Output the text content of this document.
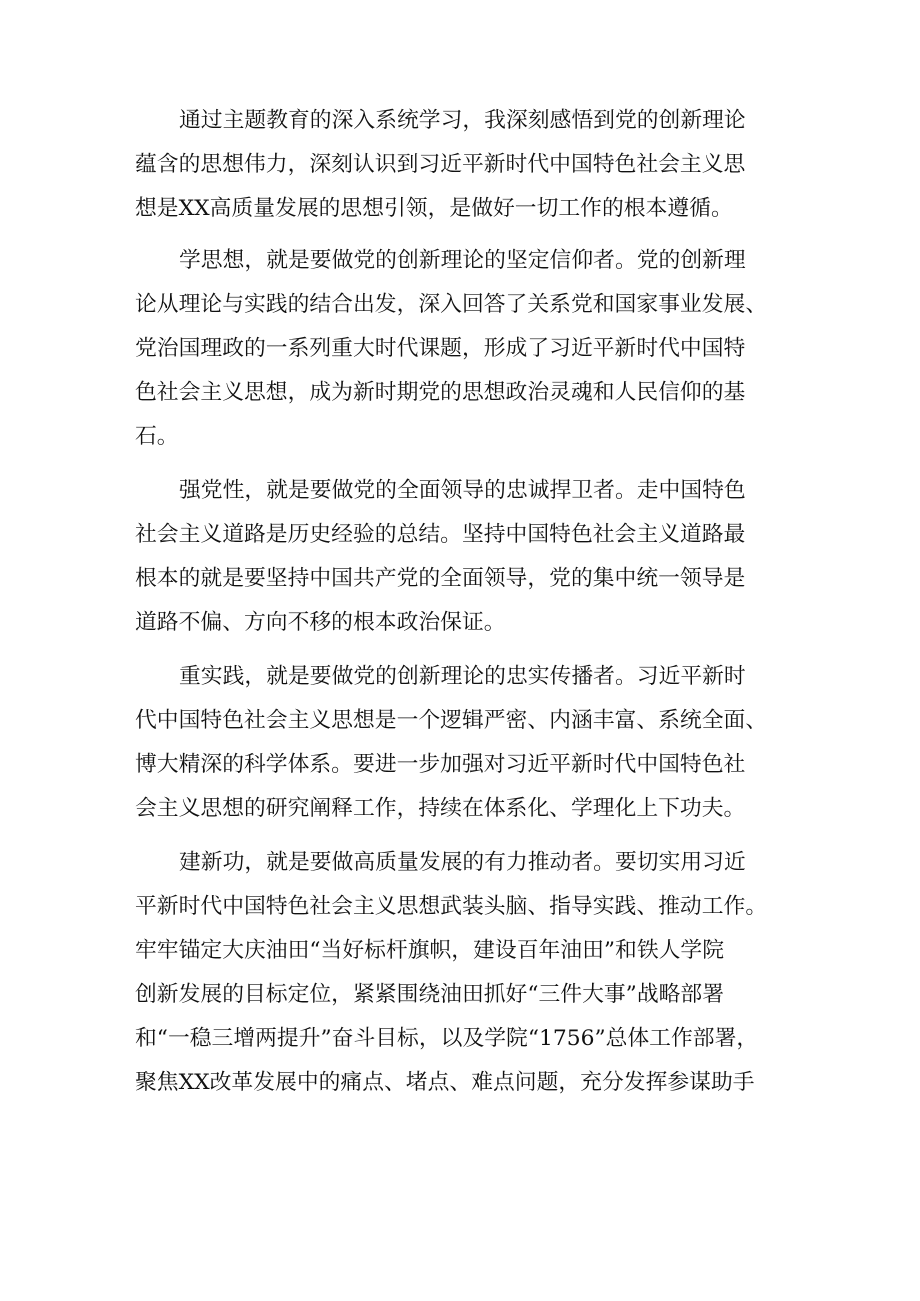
通过主题教育的深入系统学习，我深刻感悟到党的创新理论
蕴含的思想伟力，深刻认识到习近平新时代中国特色社会主义思
想是XX高质量发展的思想引领，是做好一切工作的根本遵循。
学思想，就是要做党的创新理论的坚定信仰者。党的创新理
论从理论与实践的结合出发，深入回答了关系党和国家事业发展、
党治国理政的一系列重大时代课题，形成了习近平新时代中国特
色社会主义思想，成为新时期党的思想政治灵魂和人民信仰的基
石。
强党性，就是要做党的全面领导的忠诚捍卫者。走中国特色
社会主义道路是历史经验的总结。坚持中国特色社会主义道路最
根本的就是要坚持中国共产党的全面领导，党的集中统一领导是
道路不偏、方向不移的根本政治保证。
重实践，就是要做党的创新理论的忠实传播者。习近平新时
代中国特色社会主义思想是一个逻辑严密、内涵丰富、系统全面、
博大精深的科学体系。要进一步加强对习近平新时代中国特色社
会主义思想的研究阐释工作，持续在体系化、学理化上下功夫。
建新功，就是要做高质量发展的有力推动者。要切实用习近
平新时代中国特色社会主义思想武装头脑、指导实践、推动工作。
牢牢锚定大庆油田“当好标杆旗帜，建设百年油田”和铁人学院
创新发展的目标定位，紧紧围绕油田抓好“三件大事”战略部署
和“一稳三增两提升”奋斗目标，以及学院“1756”总体工作部署，
聚焦XX改革发展中的痛点、堵点、难点问题，充分发挥参谋助手
